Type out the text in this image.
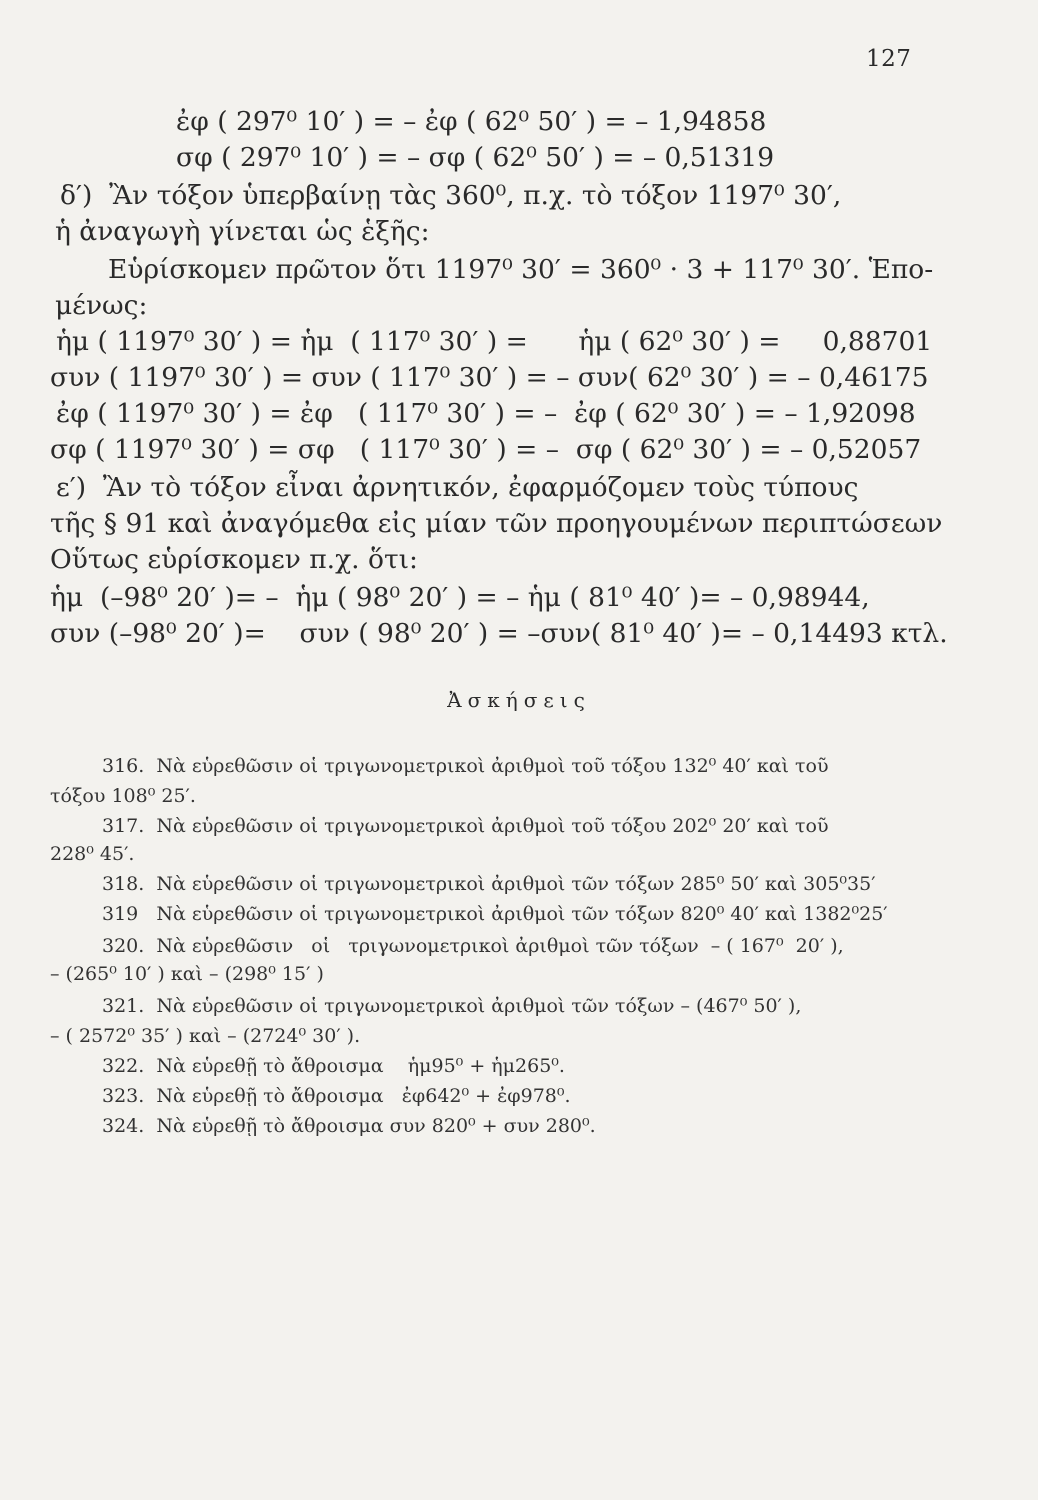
127
ἐφ ( 297⁰ 10′ ) = – ἐφ ( 62⁰ 50′ ) = – 1,94858
σφ ( 297⁰ 10′ ) = – σφ ( 62⁰ 50′ ) = – 0,51319
δ′)  Ἂν τόξον ὑπερβαίνῃ τὰς 360⁰, π.χ. τὸ τόξον 1197⁰ 30′,
ἡ ἀναγωγὴ γίνεται ὡς ἑξῆς:
Εὑρίσκομεν πρῶτον ὅτι 1197⁰ 30′ = 360⁰ · 3 + 117⁰ 30′. Ἑπο-
μένως:
ἡμ ( 1197⁰ 30′ ) = ἡμ  ( 117⁰ 30′ ) =      ἡμ ( 62⁰ 30′ ) =     0,88701
συν ( 1197⁰ 30′ ) = συν ( 117⁰ 30′ ) = – συν( 62⁰ 30′ ) = – 0,46175
ἐφ ( 1197⁰ 30′ ) = ἐφ   ( 117⁰ 30′ ) = –  ἐφ ( 62⁰ 30′ ) = – 1,92098
σφ ( 1197⁰ 30′ ) = σφ   ( 117⁰ 30′ ) = –  σφ ( 62⁰ 30′ ) = – 0,52057
ε′)  Ἂν τὸ τόξον εἶναι ἀρνητικόν, ἐφαρμόζομεν τοὺς τύπους
τῆς § 91 καὶ ἀναγόμεθα εἰς μίαν τῶν προηγουμένων περιπτώσεων
Οὕτως εὑρίσκομεν π.χ. ὅτι:
ἡμ  (–98⁰ 20′ )= –  ἡμ ( 98⁰ 20′ ) = – ἡμ ( 81⁰ 40′ )= – 0,98944,
συν (–98⁰ 20′ )=    συν ( 98⁰ 20′ ) = –συν( 81⁰ 40′ )= – 0,14493 κτλ.
Ἀσκήσεις
316.  Νὰ εὑρεθῶσιν οἱ τριγωνομετρικοὶ ἀριθμοὶ τοῦ τόξου 132⁰ 40′ καὶ τοῦ
τόξου 108⁰ 25′.
317.  Νὰ εὑρεθῶσιν οἱ τριγωνομετρικοὶ ἀριθμοὶ τοῦ τόξου 202⁰ 20′ καὶ τοῦ
228⁰ 45′.
318.  Νὰ εὑρεθῶσιν οἱ τριγωνομετρικοὶ ἀριθμοὶ τῶν τόξων 285⁰ 50′ καὶ 305⁰35′
319   Νὰ εὑρεθῶσιν οἱ τριγωνομετρικοὶ ἀριθμοὶ τῶν τόξων 820⁰ 40′ καὶ 1382⁰25′
320.  Νὰ εὑρεθῶσιν   οἱ   τριγωνομετρικοὶ ἀριθμοὶ τῶν τόξων  – ( 167⁰  20′ ),
– (265⁰ 10′ ) καὶ – (298⁰ 15′ )
321.  Νὰ εὑρεθῶσιν οἱ τριγωνομετρικοὶ ἀριθμοὶ τῶν τόξων – (467⁰ 50′ ),
– ( 2572⁰ 35′ ) καὶ – (2724⁰ 30′ ).
322.  Νὰ εὑρεθῇ τὸ ἄθροισμα    ἡμ95⁰ + ἡμ265⁰.
323.  Νὰ εὑρεθῇ τὸ ἄθροισμα   ἐφ642⁰ + ἐφ978⁰.
324.  Νὰ εὑρεθῇ τὸ ἄθροισμα συν 820⁰ + συν 280⁰.
